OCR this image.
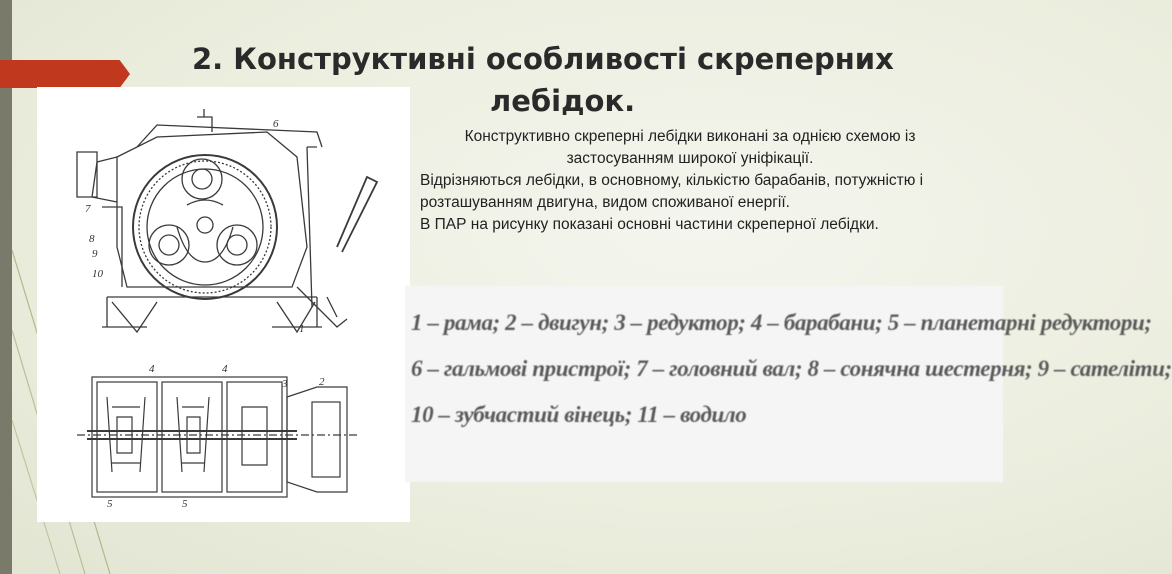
2. Конструктивні особливості скреперних
лебідок.
6
7
8
9
10
1
4	4
3	2
5	5

Конструктивно скреперні лебідки виконані за однією схемою із застосуванням широкої уніфікації.

Відрізняються лебідки, в основному, кількістю барабанів, потужністю і розташуванням двигуна, видом споживаної енергії.

В ПАР на рисунку показані основні частини скреперної лебідки.

1 – рама; 2 – двигун; 3 – редуктор; 4 – барабани; 5 – планетарні редуктори;
6 – гальмові пристрої; 7 – головний вал; 8 – сонячна шестерня; 9 – сателіти;
10 – зубчастий вінець; 11 – водило
